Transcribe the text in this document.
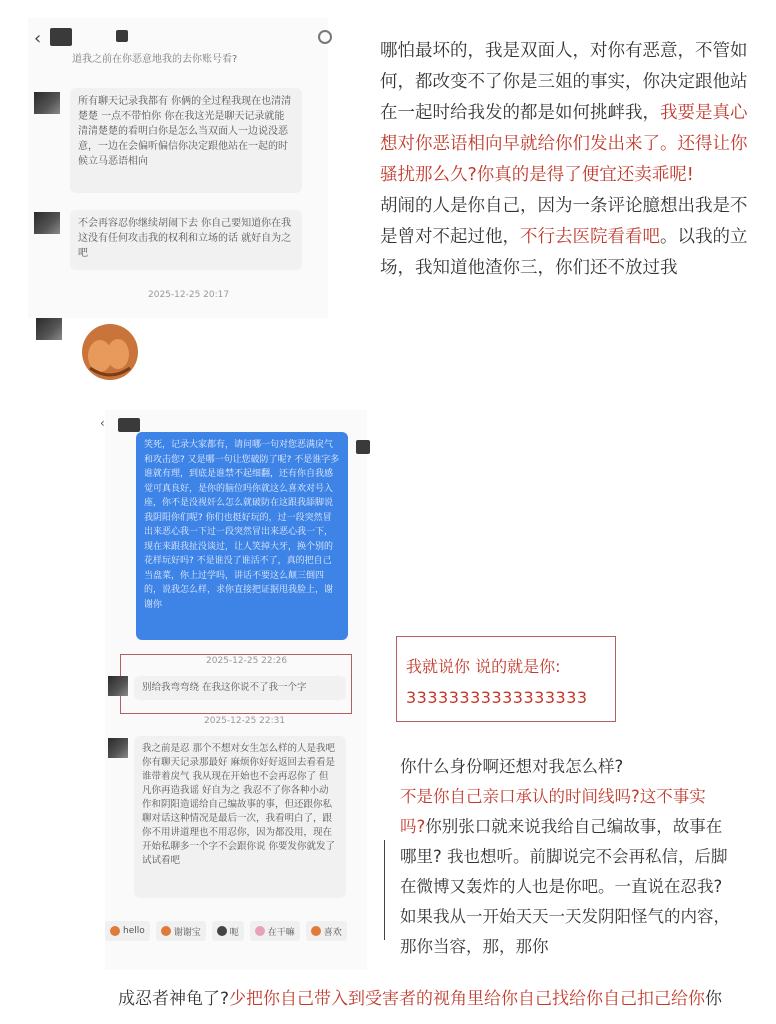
‹
道我之前在你恶意地我的去你账号看?
所有聊天记录我都有 你俩的全过程我现在也清清楚楚 一点不带怕你 你在我这光是聊天记录就能清清楚楚的看明白你是怎么当双面人一边说没恶意，一边在会偏听偏信你决定跟他站在一起的时候立马恶语相向
不会再容忍你继续胡闹下去 你自己要知道你在我这没有任何攻击我的权利和立场的话 就好自为之吧
2025-12-25 20:17
哪怕最坏的，我是双面人，对你有恶意，不管如何，都改变不了你是三姐的事实，你决定跟他站在一起时给我发的都是如何挑衅我，我要是真心想对你恶语相向早就给你们发出来了。还得让你骚扰那么久?你真的是得了便宜还卖乖呢!
胡闹的人是你自己，因为一条评论臆想出我是不是曾对不起过他，不行去医院看看吧。以我的立场，我知道他渣你三，你们还不放过我
‹
笑死，记录大家都有，请问哪一句对您恶满戾气和攻击您? 又是哪一句让您破防了呢? 不是谁字多谁就有理，到底是谁禁不起细翻，还有你自我感觉可真良好，是你的脑位吗你就这么喜欢对号入座，你不是没视奸么怎么就破防在这跟我舔脚说我阴阳你们呢? 你们也挺好玩的，过一段突然冒出来恶心我一下过一段突然冒出来恶心我一下，现在来跟我扯没谈过，让人笑掉大牙，换个别的花样玩好吗? 不是谁没了谁活不了，真的把自己当盘菜，你上过学吗，讲话不要这么颠三倒四的，说我怎么样，求你直接把证据甩我脸上，谢谢你
2025-12-25 22:26
别给我弯弯绕 在我这你说不了我一个字
2025-12-25 22:31
我之前是忍 那个不想对女生怎么样的人是我吧 你有聊天记录那最好 麻烦你好好返回去看看是谁带着戾气 我从现在开始也不会再忍你了 但凡你再造我谣 好自为之 我忍不了你各种小动作和阴阳造谣给自己编故事的事，但还跟你私聊对话这种情况是最后一次，我看明白了，跟你不用讲道理也不用忍你，因为都没用，现在开始私聊多一个字不会跟你说 你要发你就发了试试看吧
hello	谢谢宝	呃	在干嘛	喜欢
我就说你 说的就是你:
33333333333333333
你什么身份啊还想对我怎么样?
不是你自己亲口承认的时间线吗?这不事实吗?你别张口就来说我给自己编故事，故事在哪里? 我也想听。前脚说完不会再私信，后脚在微博又轰炸的人也是你吧。一直说在忍我? 如果我从一开始天天一天发阴阳怪气的内容，那你当容，那，那你
成忍者神龟了?少把你自己带入到受害者的视角里给你自己找给你自己扣己给你你
